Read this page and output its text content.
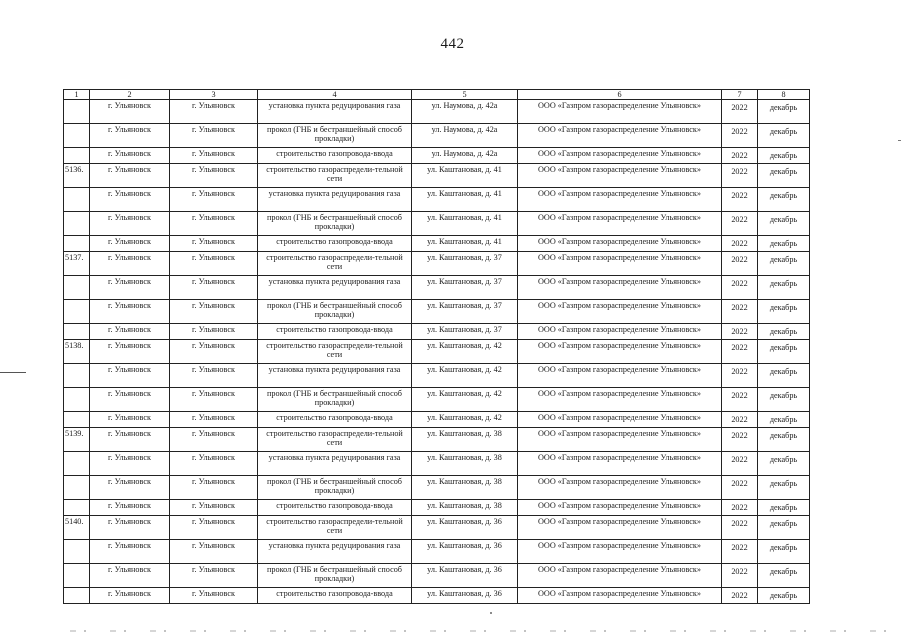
442
1	2	3	4	5	6	7	8
	г. Ульяновск	г. Ульяновск	установка пункта редуцирования газа	ул. Наумова, д. 42а	ООО «Газпром газораспределение Ульяновск»	2022	декабрь
	г. Ульяновск	г. Ульяновск	прокол (ГНБ и бестраншейный способ прокладки)	ул. Наумова, д. 42а	ООО «Газпром газораспределение Ульяновск»	2022	декабрь
	г. Ульяновск	г. Ульяновск	строительство газопровода-ввода	ул. Наумова, д. 42а	ООО «Газпром газораспределение Ульяновск»	2022	декабрь
5136.	г. Ульяновск	г. Ульяновск	строительство газораспредели-тельной сети	ул. Каштановая, д. 41	ООО «Газпром газораспределение Ульяновск»	2022	декабрь
	г. Ульяновск	г. Ульяновск	установка пункта редуцирования газа	ул. Каштановая, д. 41	ООО «Газпром газораспределение Ульяновск»	2022	декабрь
	г. Ульяновск	г. Ульяновск	прокол (ГНБ и бестраншейный способ прокладки)	ул. Каштановая, д. 41	ООО «Газпром газораспределение Ульяновск»	2022	декабрь
	г. Ульяновск	г. Ульяновск	строительство газопровода-ввода	ул. Каштановая, д. 41	ООО «Газпром газораспределение Ульяновск»	2022	декабрь
5137.	г. Ульяновск	г. Ульяновск	строительство газораспредели-тельной сети	ул. Каштановая, д. 37	ООО «Газпром газораспределение Ульяновск»	2022	декабрь
	г. Ульяновск	г. Ульяновск	установка пункта редуцирования газа	ул. Каштановая, д. 37	ООО «Газпром газораспределение Ульяновск»	2022	декабрь
	г. Ульяновск	г. Ульяновск	прокол (ГНБ и бестраншейный способ прокладки)	ул. Каштановая, д. 37	ООО «Газпром газораспределение Ульяновск»	2022	декабрь
	г. Ульяновск	г. Ульяновск	строительство газопровода-ввода	ул. Каштановая, д. 37	ООО «Газпром газораспределение Ульяновск»	2022	декабрь
5138.	г. Ульяновск	г. Ульяновск	строительство газораспредели-тельной сети	ул. Каштановая, д. 42	ООО «Газпром газораспределение Ульяновск»	2022	декабрь
	г. Ульяновск	г. Ульяновск	установка пункта редуцирования газа	ул. Каштановая, д. 42	ООО «Газпром газораспределение Ульяновск»	2022	декабрь
	г. Ульяновск	г. Ульяновск	прокол (ГНБ и бестраншейный способ прокладки)	ул. Каштановая, д. 42	ООО «Газпром газораспределение Ульяновск»	2022	декабрь
	г. Ульяновск	г. Ульяновск	строительство газопровода-ввода	ул. Каштановая, д. 42	ООО «Газпром газораспределение Ульяновск»	2022	декабрь
5139.	г. Ульяновск	г. Ульяновск	строительство газораспредели-тельной сети	ул. Каштановая, д. 38	ООО «Газпром газораспределение Ульяновск»	2022	декабрь
	г. Ульяновск	г. Ульяновск	установка пункта редуцирования газа	ул. Каштановая, д. 38	ООО «Газпром газораспределение Ульяновск»	2022	декабрь
	г. Ульяновск	г. Ульяновск	прокол (ГНБ и бестраншейный способ прокладки)	ул. Каштановая, д. 38	ООО «Газпром газораспределение Ульяновск»	2022	декабрь
	г. Ульяновск	г. Ульяновск	строительство газопровода-ввода	ул. Каштановая, д. 38	ООО «Газпром газораспределение Ульяновск»	2022	декабрь
5140.	г. Ульяновск	г. Ульяновск	строительство газораспредели-тельной сети	ул. Каштановая, д. 36	ООО «Газпром газораспределение Ульяновск»	2022	декабрь
	г. Ульяновск	г. Ульяновск	установка пункта редуцирования газа	ул. Каштановая, д. 36	ООО «Газпром газораспределение Ульяновск»	2022	декабрь
	г. Ульяновск	г. Ульяновск	прокол (ГНБ и бестраншейный способ прокладки)	ул. Каштановая, д. 36	ООО «Газпром газораспределение Ульяновск»	2022	декабрь
	г. Ульяновск	г. Ульяновск	строительство газопровода-ввода	ул. Каштановая, д. 36	ООО «Газпром газораспределение Ульяновск»	2022	декабрь
